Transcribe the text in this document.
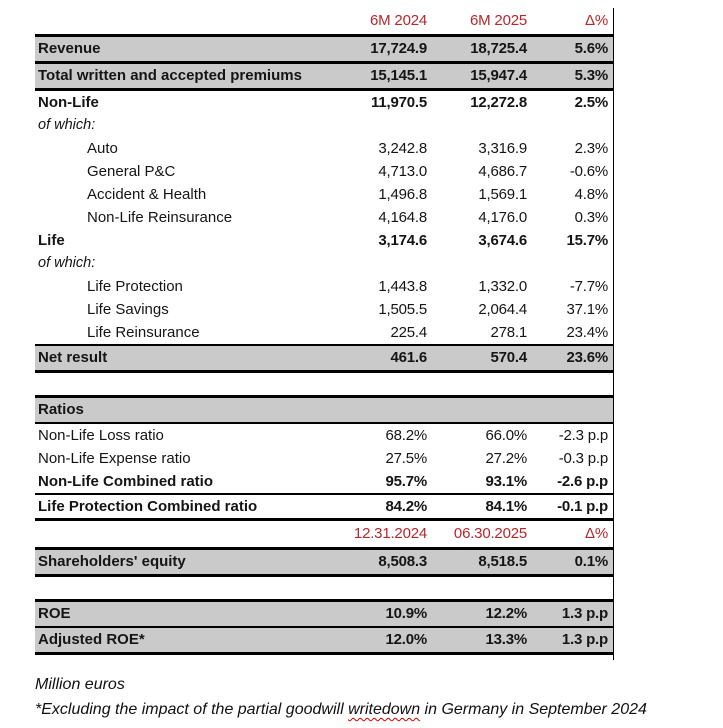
6M 2024	6M 2025	Δ%
Revenue	17,724.9	18,725.4	5.6%
Total written and accepted premiums	15,145.1	15,947.4	5.3%
Non-Life	11,970.5	12,272.8	2.5%
of which:
Auto	3,242.8	3,316.9	2.3%
General P&C	4,713.0	4,686.7	-0.6%
Accident & Health	1,496.8	1,569.1	4.8%
Non-Life Reinsurance	4,164.8	4,176.0	0.3%
Life	3,174.6	3,674.6	15.7%
of which:
Life Protection	1,443.8	1,332.0	-7.7%
Life Savings	1,505.5	2,064.4	37.1%
Life Reinsurance	225.4	278.1	23.4%
Net result	461.6	570.4	23.6%
Ratios
Non-Life Loss ratio	68.2%	66.0%	-2.3 p.p
Non-Life Expense ratio	27.5%	27.2%	-0.3 p.p
Non-Life Combined ratio	95.7%	93.1%	-2.6 p.p
Life Protection Combined ratio	84.2%	84.1%	-0.1 p.p
12.31.2024	06.30.2025	Δ%
Shareholders' equity	8,508.3	8,518.5	0.1%
ROE	10.9%	12.2%	1.3 p.p
Adjusted ROE*	12.0%	13.3%	1.3 p.p
Million euros
*Excluding the impact of the partial goodwill writedown in Germany in September 2024
